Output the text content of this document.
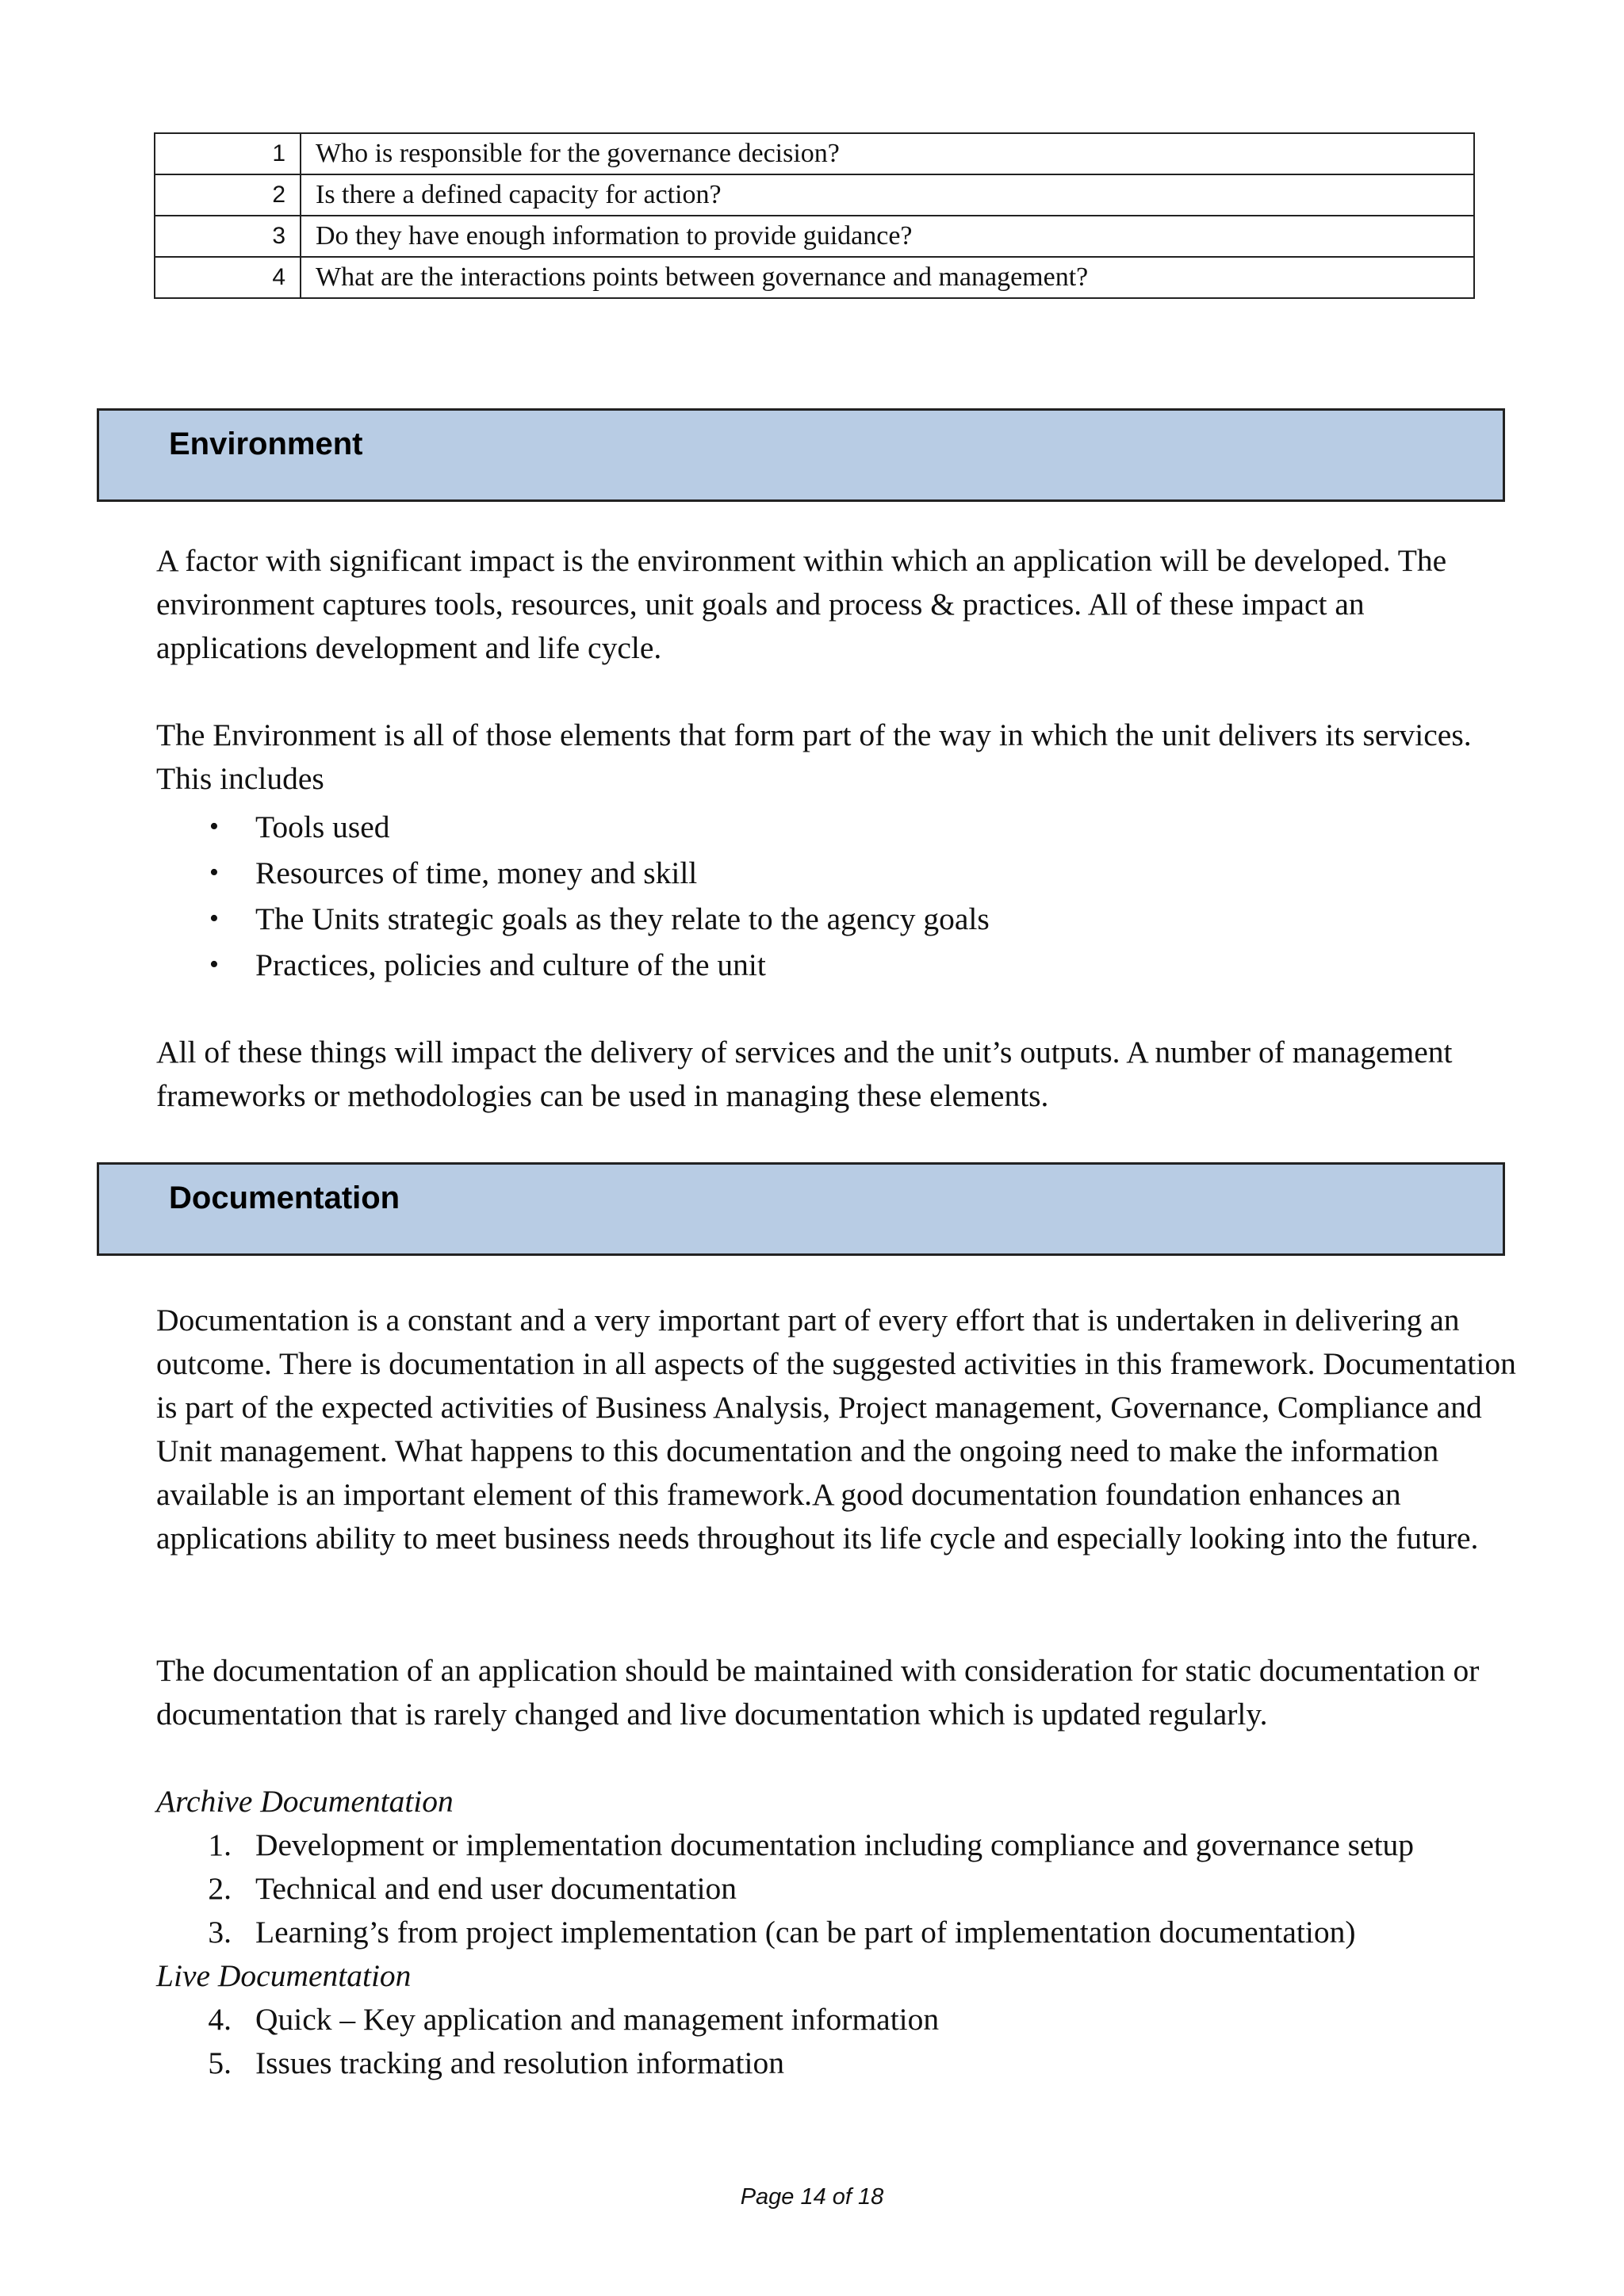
1	Who is responsible for the governance decision?
2	Is there a defined capacity for action?
3	Do they have enough information to provide guidance?
4	What are the interactions points between governance and management?
Environment

A factor with significant impact is the environment within which an application will be developed. The environment captures tools, resources, unit goals and process & practices. All of these impact an applications development and life cycle.

The Environment is all of those elements that form part of the way in which the unit delivers its services. This includes

• Tools used
• Resources of time, money and skill
• The Units strategic goals as they relate to the agency goals
• Practices, policies and culture of the unit

All of these things will impact the delivery of services and the unit’s outputs. A number of management frameworks or methodologies can be used in managing these elements.

Documentation

Documentation is a constant and a very important part of every effort that is undertaken in delivering an outcome. There is documentation in all aspects of the suggested activities in this framework. Documentation is part of the expected activities of Business Analysis, Project management, Governance, Compliance and Unit management. What happens to this documentation and the ongoing need to make the information available is an important element of this framework.A good documentation foundation enhances an applications ability to meet business needs throughout its life cycle and especially looking into the future.

The documentation of an application should be maintained with consideration for static documentation or documentation that is rarely changed and live documentation which is updated regularly.

Archive Documentation

1. Development or implementation documentation including compliance and governance setup
2. Technical and end user documentation
3. Learning’s from project implementation (can be part of implementation documentation)

Live Documentation

4. Quick – Key application and management information
5. Issues tracking and resolution information
Page 14 of 18
